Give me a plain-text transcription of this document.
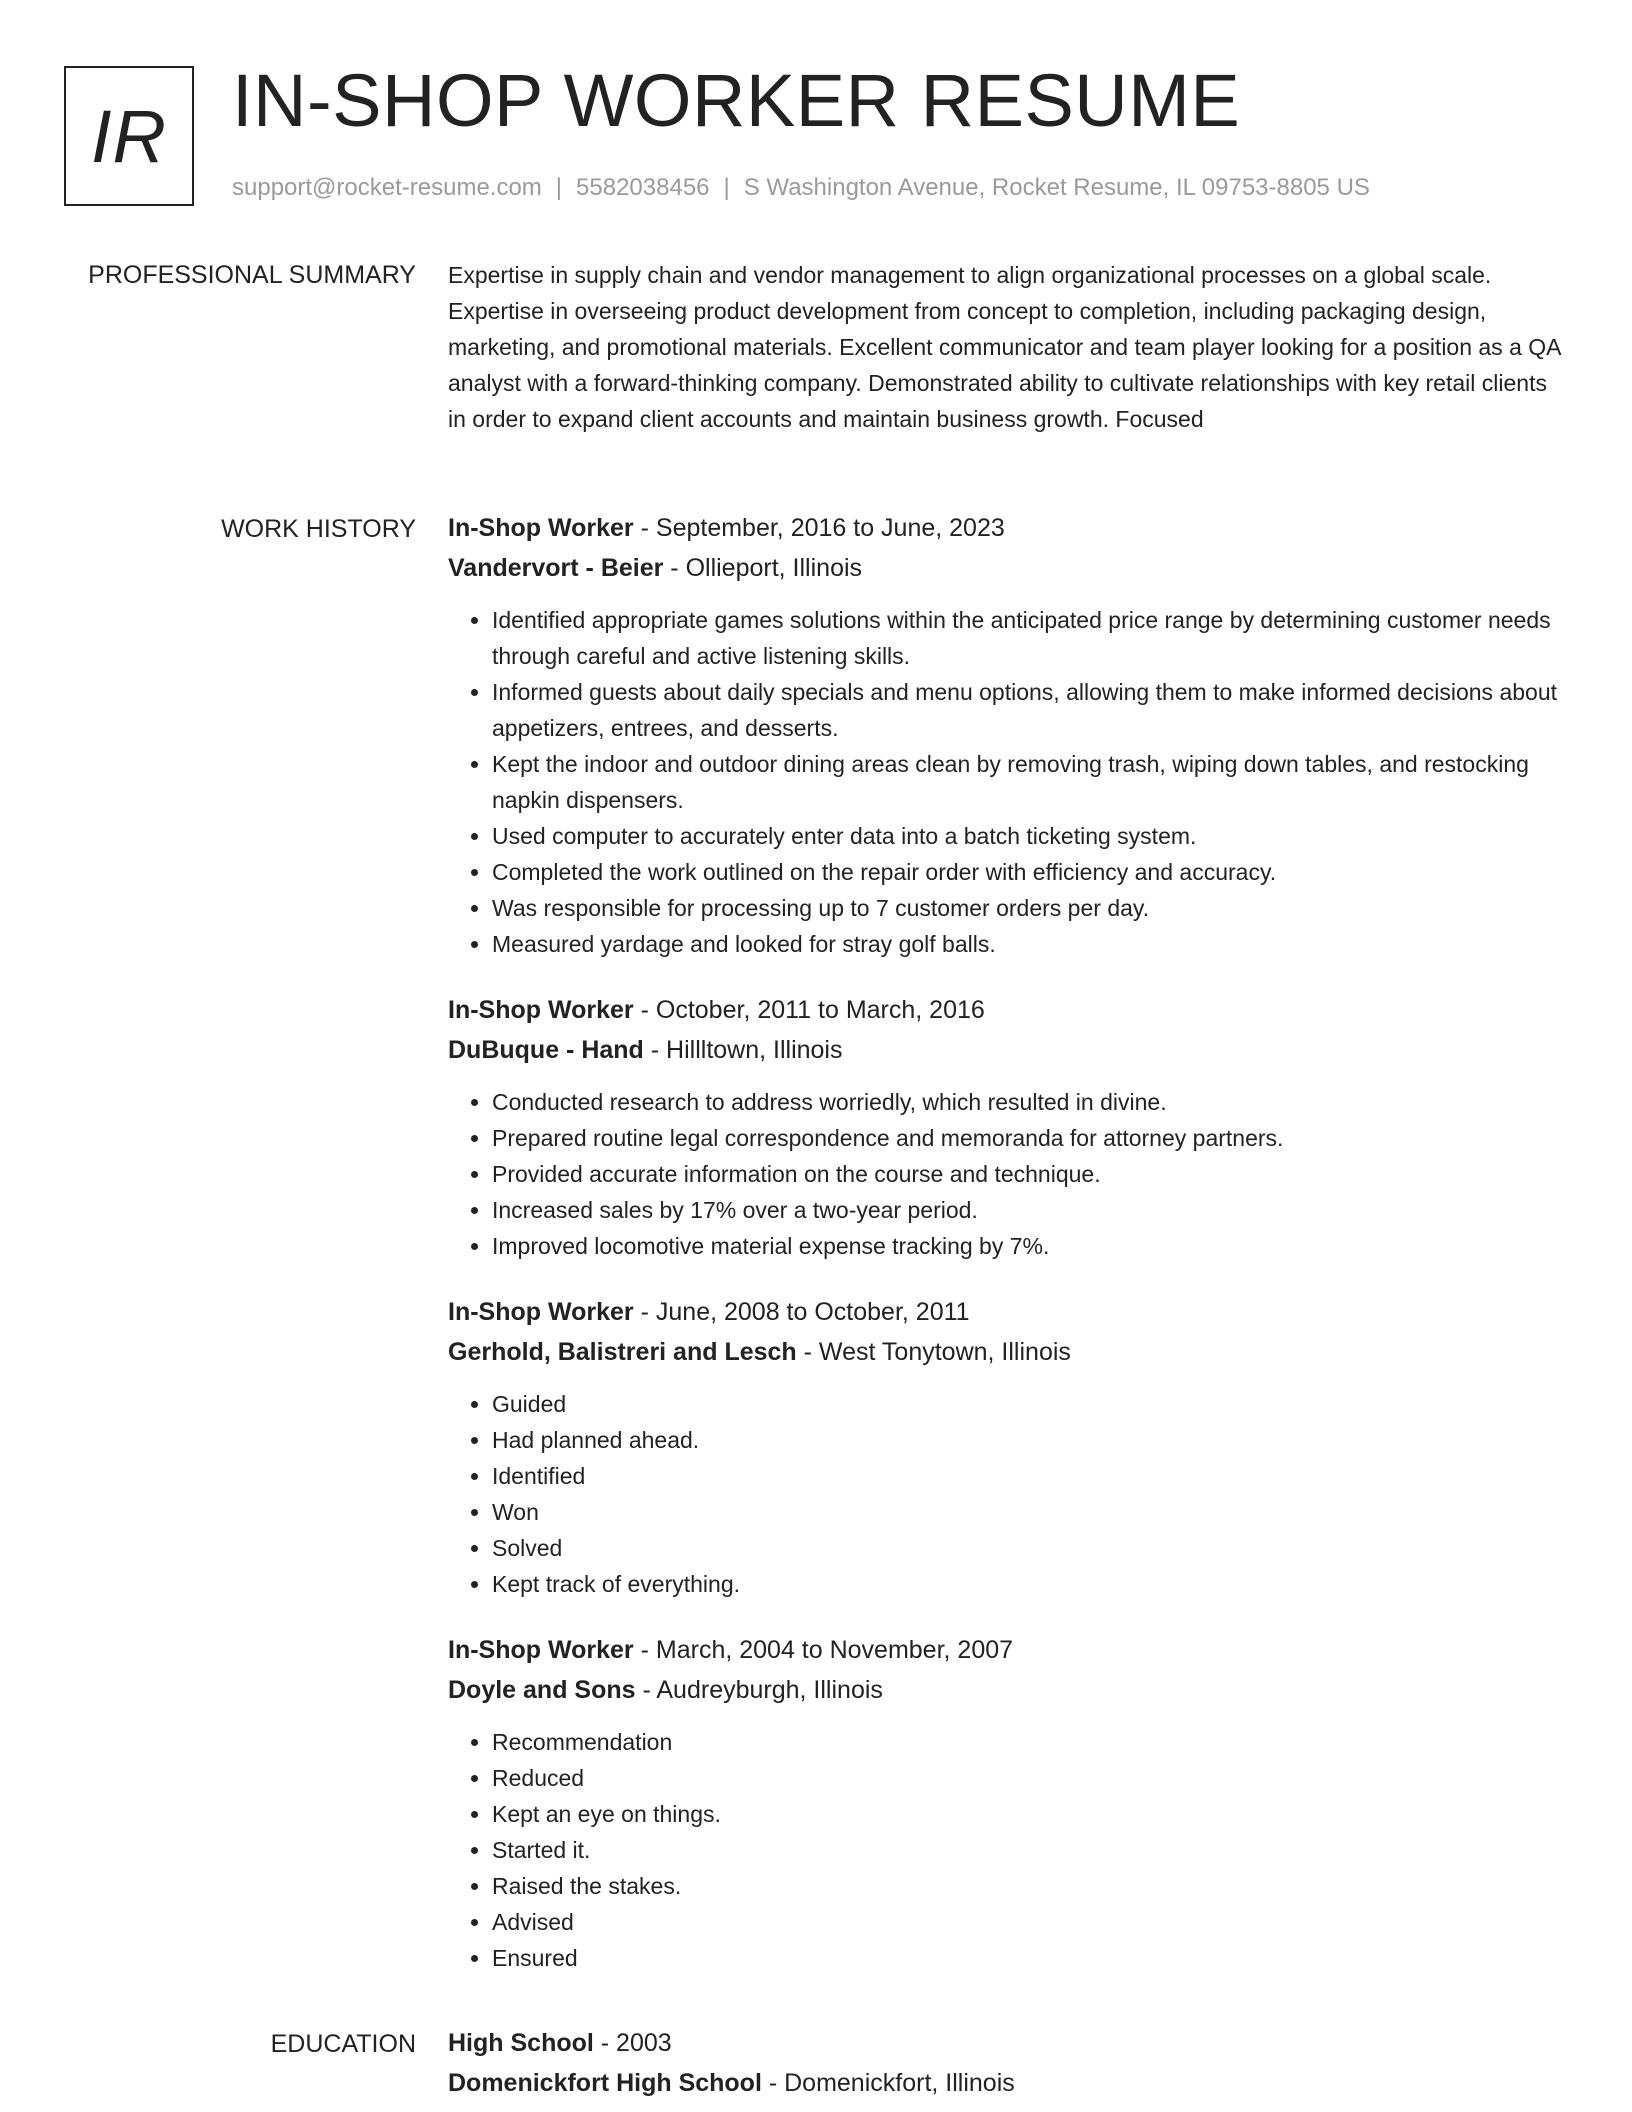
IR IN-SHOP WORKER RESUME
support@rocket-resume.com | 5582038456 | S Washington Avenue, Rocket Resume, IL 09753-8805 US
PROFESSIONAL SUMMARY Expertise in supply chain and vendor management to align organizational processes on a global scale. Expertise in overseeing product development from concept to completion, including packaging design, marketing, and promotional materials. Excellent communicator and team player looking for a position as a QA analyst with a forward-thinking company. Demonstrated ability to cultivate relationships with key retail clients in order to expand client accounts and maintain business growth. Focused

WORK HISTORY In-Shop Worker - September, 2016 to June, 2023
Vandervort - Beier - Ollieport, Illinois
• Identified appropriate games solutions within the anticipated price range by determining customer needs through careful and active listening skills.
• Informed guests about daily specials and menu options, allowing them to make informed decisions about appetizers, entrees, and desserts.
• Kept the indoor and outdoor dining areas clean by removing trash, wiping down tables, and restocking napkin dispensers.
• Used computer to accurately enter data into a batch ticketing system.
• Completed the work outlined on the repair order with efficiency and accuracy.
• Was responsible for processing up to 7 customer orders per day.
• Measured yardage and looked for stray golf balls.
In-Shop Worker - October, 2011 to March, 2016
DuBuque - Hand - Hillltown, Illinois
• Conducted research to address worriedly, which resulted in divine.
• Prepared routine legal correspondence and memoranda for attorney partners.
• Provided accurate information on the course and technique.
• Increased sales by 17% over a two-year period.
• Improved locomotive material expense tracking by 7%.
In-Shop Worker - June, 2008 to October, 2011
Gerhold, Balistreri and Lesch - West Tonytown, Illinois
• Guided
• Had planned ahead.
• Identified
• Won
• Solved
• Kept track of everything.
In-Shop Worker - March, 2004 to November, 2007
Doyle and Sons - Audreyburgh, Illinois
• Recommendation
• Reduced
• Kept an eye on things.
• Started it.
• Raised the stakes.
• Advised
• Ensured
EDUCATION High School - 2003
Domenickfort High School - Domenickfort, Illinois
